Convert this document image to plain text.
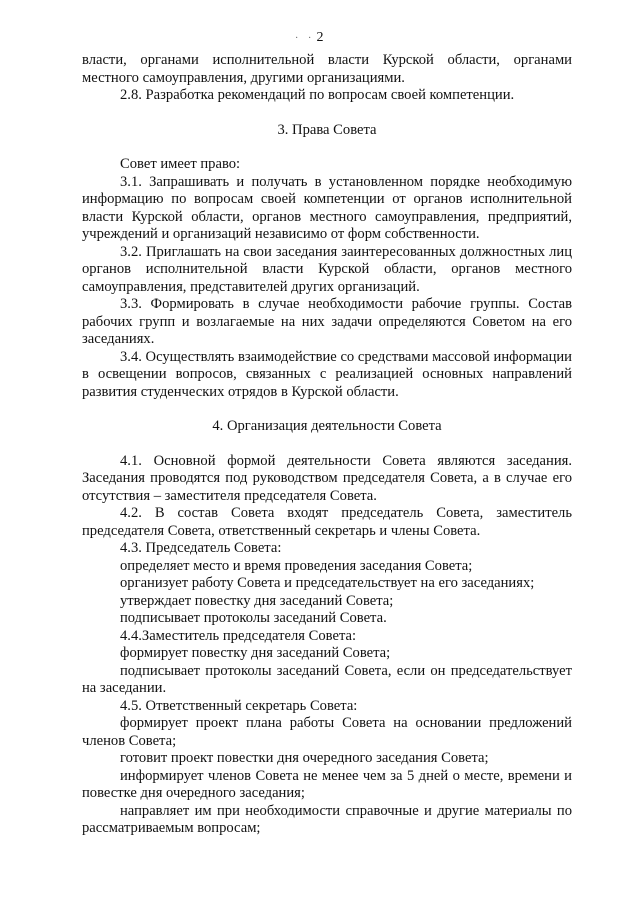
· · 2

власти, органами исполнительной власти Курской области, органами местного самоуправления, другими организациями.

2.8. Разработка рекомендаций по вопросам своей компетенции.

3. Права Совета

Совет имеет право:

3.1. Запрашивать и получать в установленном порядке необходимую информацию по вопросам своей компетенции от органов исполнительной власти Курской области, органов местного самоуправления, предприятий, учреждений и организаций независимо от форм собственности.

3.2. Приглашать на свои заседания заинтересованных должностных лиц органов исполнительной власти Курской области, органов местного самоуправления, представителей других организаций.

3.3. Формировать в случае необходимости рабочие группы. Состав рабочих групп и возлагаемые на них задачи определяются Советом на его заседаниях.

3.4. Осуществлять взаимодействие со средствами массовой информации в освещении вопросов, связанных с реализацией основных направлений развития студенческих отрядов в Курской области.

4. Организация деятельности Совета

4.1. Основной формой деятельности Совета являются заседания. Заседания проводятся под руководством председателя Совета, а в случае его отсутствия – заместителя председателя Совета.

4.2. В состав Совета входят председатель Совета, заместитель председателя Совета, ответственный секретарь и члены Совета.

4.3. Председатель Совета:

определяет место и время проведения заседания Совета;

организует работу Совета и председательствует на его заседаниях;

утверждает повестку дня заседаний Совета;

подписывает протоколы заседаний Совета.

4.4.Заместитель председателя Совета:

формирует повестку дня заседаний Совета;

подписывает протоколы заседаний Совета, если он председательствует на заседании.

4.5. Ответственный секретарь Совета:

формирует проект плана работы Совета на основании предложений членов Совета;

готовит проект повестки дня очередного заседания Совета;

информирует членов Совета не менее чем за 5 дней о месте, времени и повестке дня очередного заседания;

направляет им при необходимости справочные и другие материалы по рассматриваемым вопросам;
